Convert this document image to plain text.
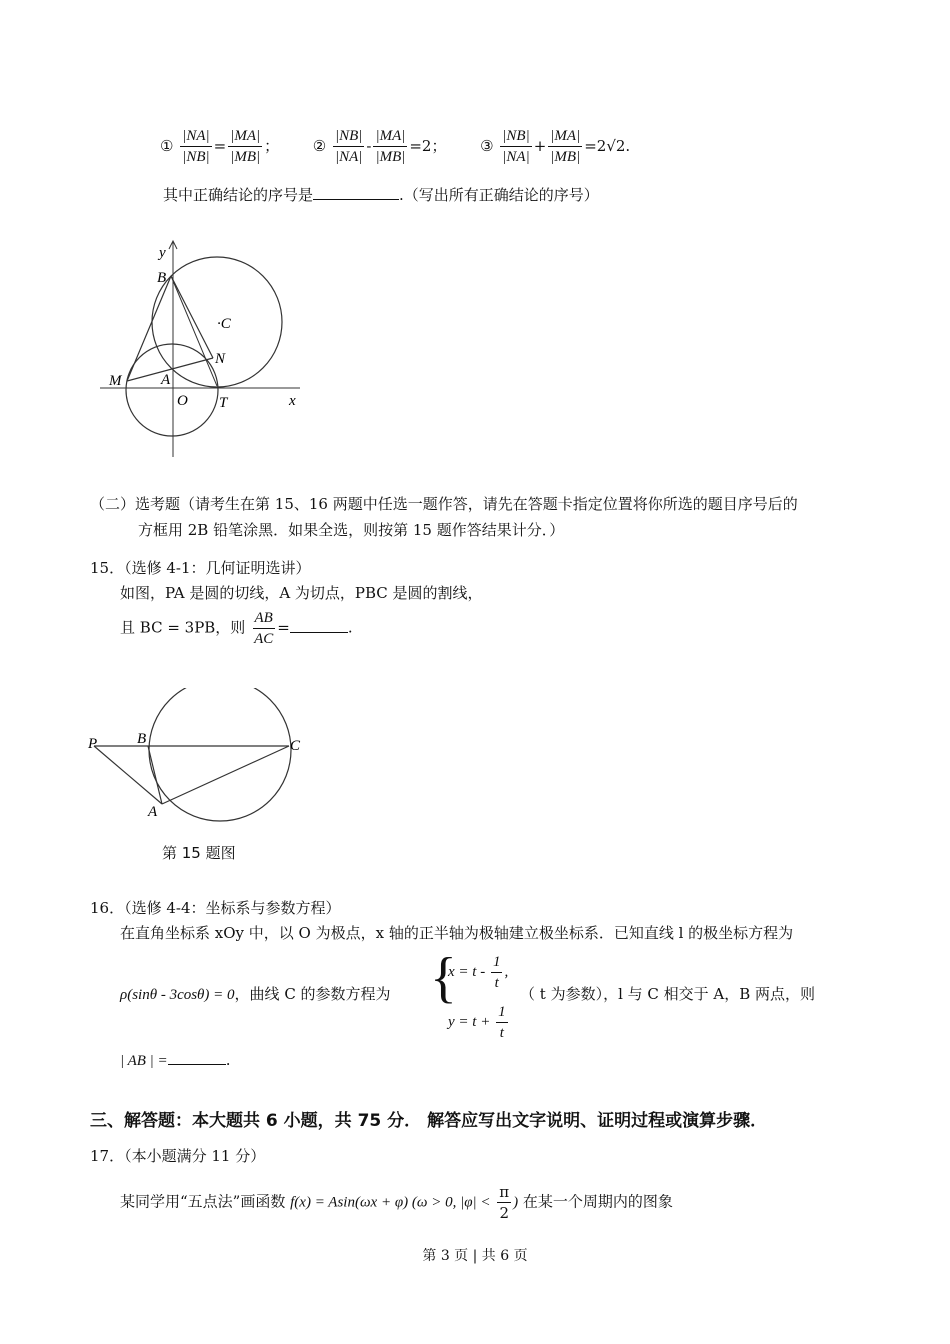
① $\frac{|NA|}{|NB|} = \frac{|MA|}{|MB|}$ ； ② $\frac{|NB|}{|NA|} - \frac{|MA|}{|MB|} =2$； ③ $\frac{|NB|}{|NA|} + \frac{|MA|}{|MB|} =2√2$.
其中正确结论的序号是	.（写出所有正确结论的序号）
y
B
·C
N
M	A
O T	x
（二）选考题（请考生在第 15、16 两题中任选一题作答，请先在答题卡指定位置将你所选的题目序号后的
方框用 2B 铅笔涂黑．如果全选，则按第 15 题作答结果计分．）
15．（选修 4-1：几何证明选讲）
如图，PA 是圆的切线，A 为切点，PBC 是圆的割线，
且 BC = 3PB，则 $\frac{AB}{AC}$ =	.
P	B	C
A
第 15 题图
16．（选修 4-4：坐标系与参数方程）
在直角坐标系 xOy 中，以 O 为极点，x 轴的正半轴为极轴建立极坐标系．已知直线 l 的极坐标方程为
ρ(sinθ - 3cosθ) = 0，曲线 C 的参数方程为 {
$x = t - \frac{1}{t}$ ,
$y = t + \frac{1}{t}$
（ t 为参数），l 与 C 相交于 A，B 两点，则
| AB | =	.
三、解答题：本大题共 6 小题，共 75 分． 解答应写出文字说明、证明过程或演算步骤．
17．（本小题满分 11 分）
某同学用“五点法”画函数 f(x) = Asin(ωx + φ) (ω > 0, $|\varphi| < \frac{\pi}{2}$ ) 在某一个周期内的图象
第 3 页 | 共 6 页
